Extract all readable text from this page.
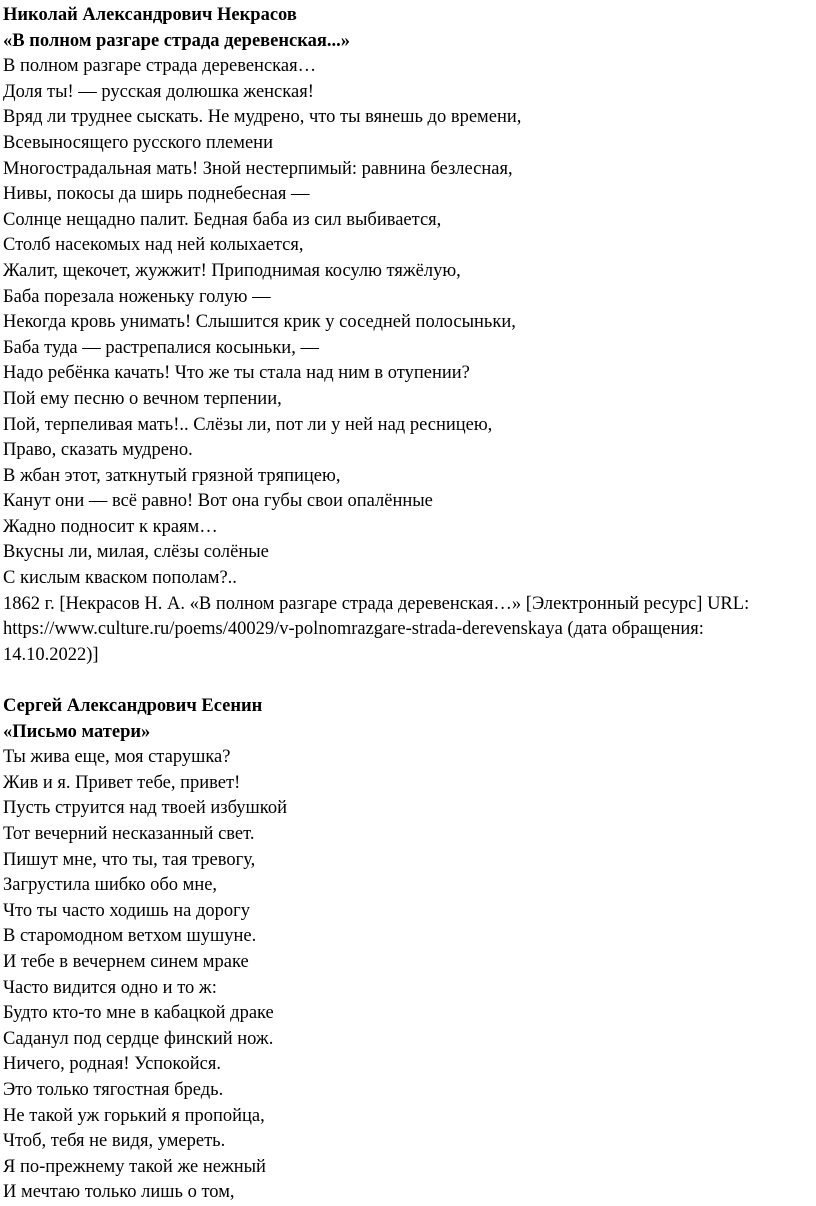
Николай Александрович Некрасов
«В полном разгаре страда деревенская...»
В полном разгаре страда деревенская…
Доля ты! — русская долюшка женская!
Вряд ли труднее сыскать. Не мудрено, что ты вянешь до времени,
Всевыносящего русского племени
Многострадальная мать! Зной нестерпимый: равнина безлесная,
Нивы, покосы да ширь поднебесная —
Солнце нещадно палит. Бедная баба из сил выбивается,
Столб насекомых над ней колыхается,
Жалит, щекочет, жужжит! Приподнимая косулю тяжёлую,
Баба порезала ноженьку голую —
Некогда кровь унимать! Слышится крик у соседней полосыньки,
Баба туда — растрепалися косыньки, —
Надо ребёнка качать! Что же ты стала над ним в отупении?
Пой ему песню о вечном терпении,
Пой, терпеливая мать!.. Слёзы ли, пот ли у ней над ресницею,
Право, сказать мудрено.
В жбан этот, заткнутый грязной тряпицею,
Канут они — всё равно! Вот она губы свои опалённые
Жадно подносит к краям…
Вкусны ли, милая, слёзы солёные
С кислым кваском пополам?..
1862 г. [Некрасов Н. А. «В полном разгаре страда деревенская…» [Электронный ресурс] URL:
https://www.culture.ru/poems/40029/v-polnomrazgare-strada-derevenskaya (дата обращения:
14.10.2022)]
Сергей Александрович Есенин
«Письмо матери»
Ты жива еще, моя старушка?
Жив и я. Привет тебе, привет!
Пусть струится над твоей избушкой
Тот вечерний несказанный свет.
Пишут мне, что ты, тая тревогу,
Загрустила шибко обо мне,
Что ты часто ходишь на дорогу
В старомодном ветхом шушуне.
И тебе в вечернем синем мраке
Часто видится одно и то ж:
Будто кто-то мне в кабацкой драке
Саданул под сердце финский нож.
Ничего, родная! Успокойся.
Это только тягостная бредь.
Не такой уж горький я пропойца,
Чтоб, тебя не видя, умереть.
Я по-прежнему такой же нежный
И мечтаю только лишь о том,
